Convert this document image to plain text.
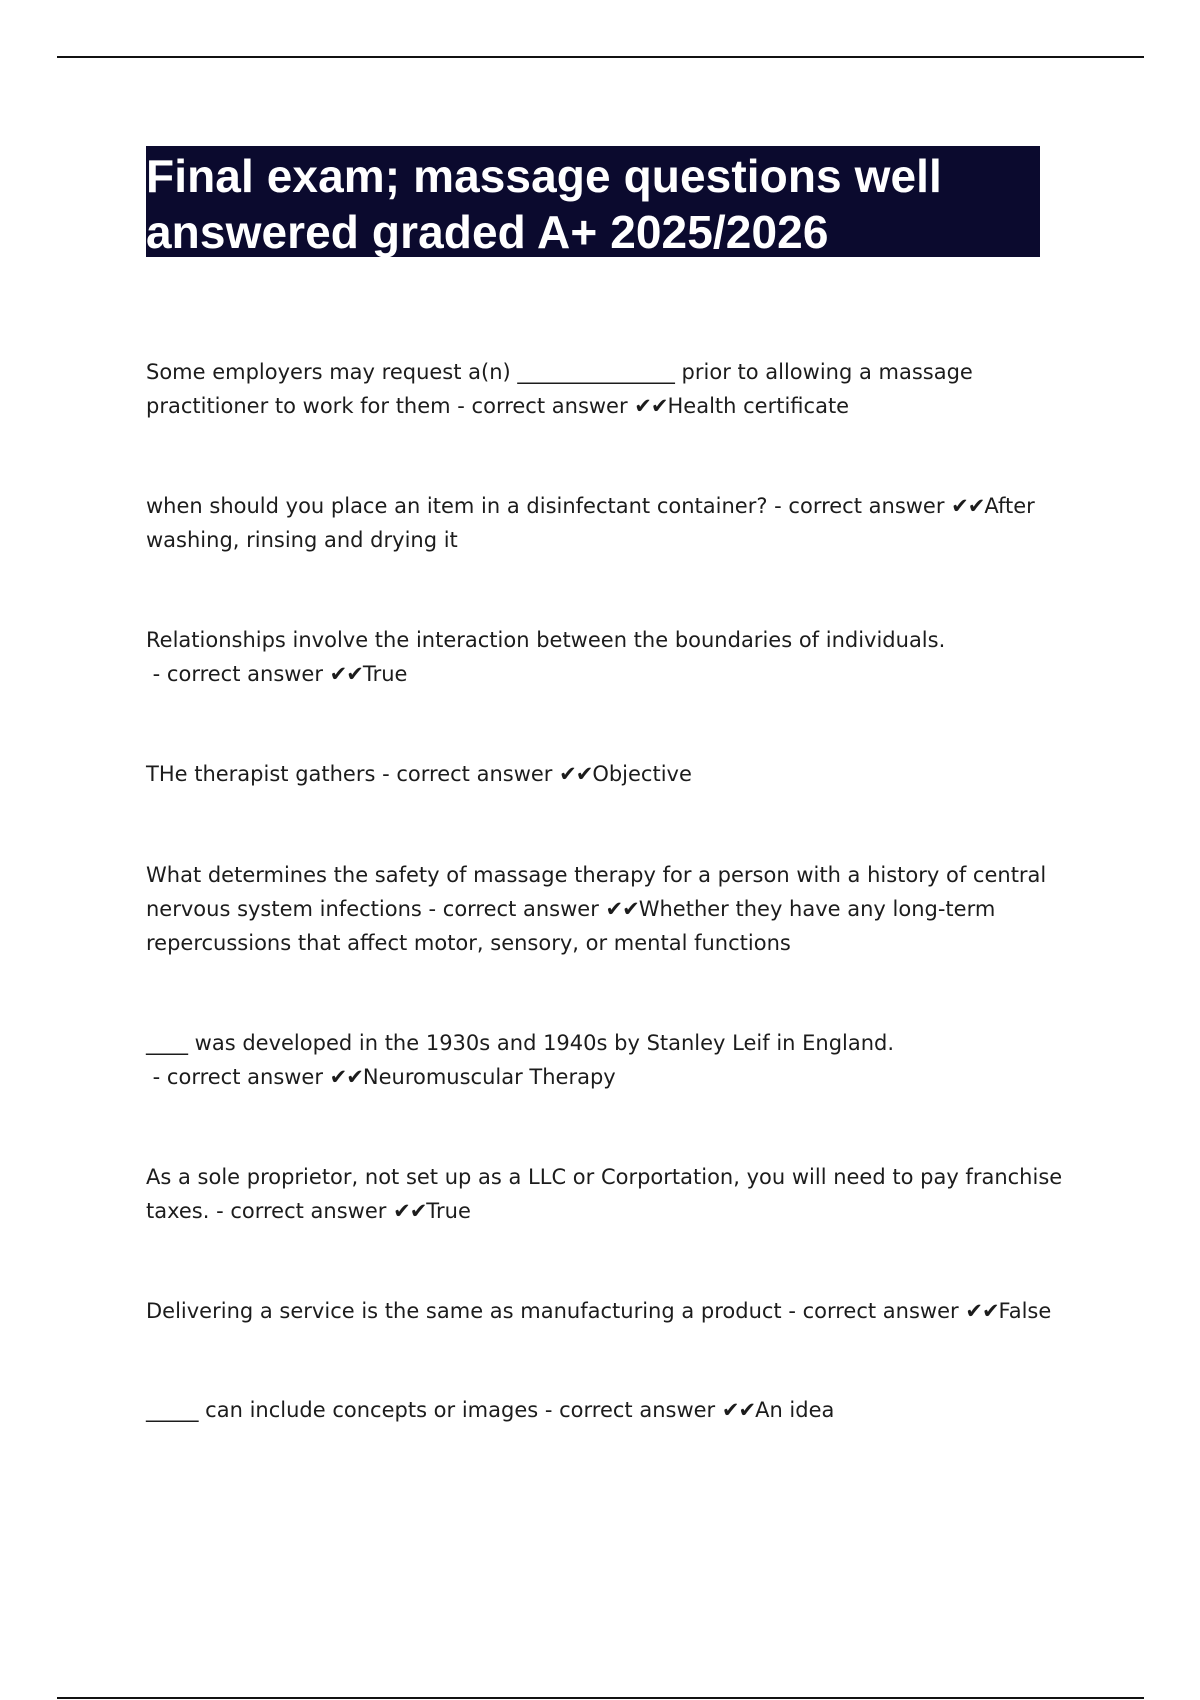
Final exam; massage questions well
answered graded A+ 2025/2026

Some employers may request a(n) _______________ prior to allowing a massage practitioner to work for them - correct answer ✔✔Health certificate

when should you place an item in a disinfectant container? - correct answer ✔✔After washing, rinsing and drying it

Relationships involve the interaction between the boundaries of individuals. - correct answer ✔✔True

THe therapist gathers - correct answer ✔✔Objective

What determines the safety of massage therapy for a person with a history of central nervous system infections - correct answer ✔✔Whether they have any long-term repercussions that affect motor, sensory, or mental functions

____ was developed in the 1930s and 1940s by Stanley Leif in England. - correct answer ✔✔Neuromuscular Therapy

As a sole proprietor, not set up as a LLC or Corportation, you will need to pay franchise taxes. - correct answer ✔✔True

Delivering a service is the same as manufacturing a product - correct answer ✔✔False

_____ can include concepts or images - correct answer ✔✔An idea
